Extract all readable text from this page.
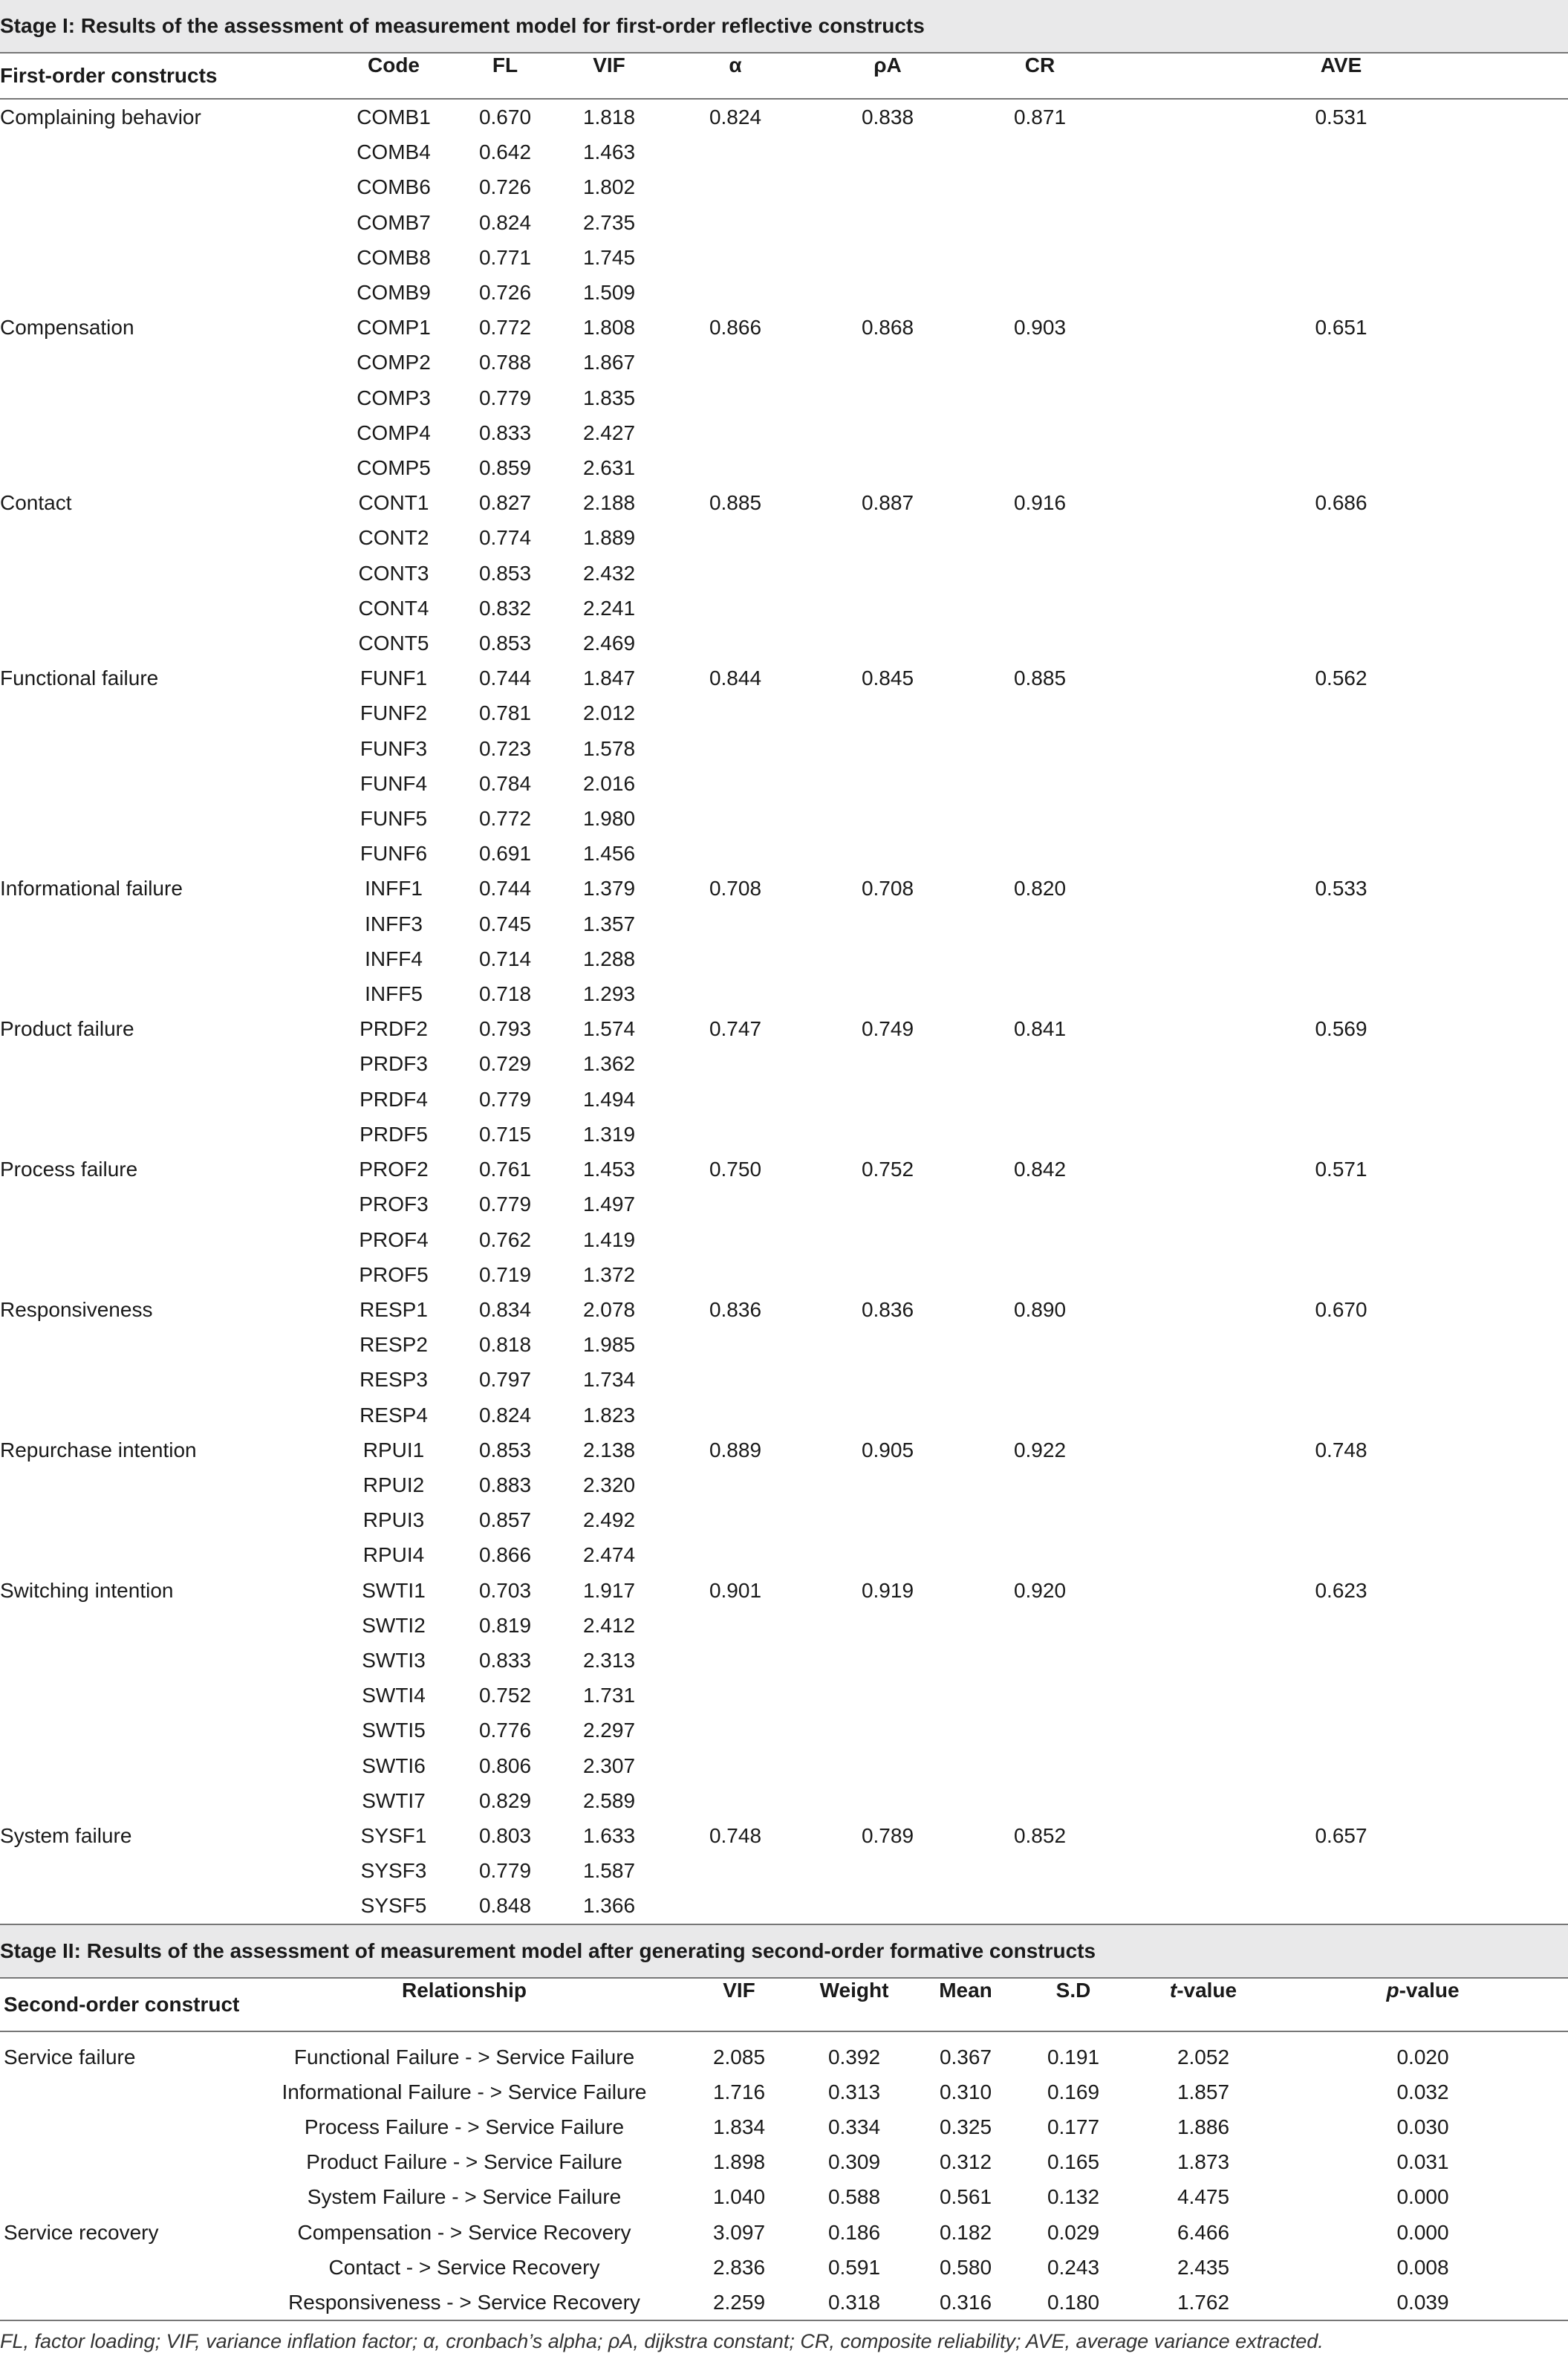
Stage I: Results of the assessment of measurement model for first-order reflective constructs							
First-order constructs	Code	FL	VIF	α	ρA	CR	AVE
Complaining behavior	COMB1	0.670	1.818	0.824	0.838	0.871	0.531
	COMB4	0.642	1.463				
	COMB6	0.726	1.802				
	COMB7	0.824	2.735				
	COMB8	0.771	1.745				
	COMB9	0.726	1.509				
Compensation	COMP1	0.772	1.808	0.866	0.868	0.903	0.651
	COMP2	0.788	1.867				
	COMP3	0.779	1.835				
	COMP4	0.833	2.427				
	COMP5	0.859	2.631				
Contact	CONT1	0.827	2.188	0.885	0.887	0.916	0.686
	CONT2	0.774	1.889				
	CONT3	0.853	2.432				
	CONT4	0.832	2.241				
	CONT5	0.853	2.469				
Functional failure	FUNF1	0.744	1.847	0.844	0.845	0.885	0.562
	FUNF2	0.781	2.012				
	FUNF3	0.723	1.578				
	FUNF4	0.784	2.016				
	FUNF5	0.772	1.980				
	FUNF6	0.691	1.456				
Informational failure	INFF1	0.744	1.379	0.708	0.708	0.820	0.533
	INFF3	0.745	1.357				
	INFF4	0.714	1.288				
	INFF5	0.718	1.293				
Product failure	PRDF2	0.793	1.574	0.747	0.749	0.841	0.569
	PRDF3	0.729	1.362				
	PRDF4	0.779	1.494				
	PRDF5	0.715	1.319				
Process failure	PROF2	0.761	1.453	0.750	0.752	0.842	0.571
	PROF3	0.779	1.497				
	PROF4	0.762	1.419				
	PROF5	0.719	1.372				
Responsiveness	RESP1	0.834	2.078	0.836	0.836	0.890	0.670
	RESP2	0.818	1.985				
	RESP3	0.797	1.734				
	RESP4	0.824	1.823				
Repurchase intention	RPUI1	0.853	2.138	0.889	0.905	0.922	0.748
	RPUI2	0.883	2.320				
	RPUI3	0.857	2.492				
	RPUI4	0.866	2.474				
Switching intention	SWTI1	0.703	1.917	0.901	0.919	0.920	0.623
	SWTI2	0.819	2.412				
	SWTI3	0.833	2.313				
	SWTI4	0.752	1.731				
	SWTI5	0.776	2.297				
	SWTI6	0.806	2.307				
	SWTI7	0.829	2.589				
System failure	SYSF1	0.803	1.633	0.748	0.789	0.852	0.657
	SYSF3	0.779	1.587				
	SYSF5	0.848	1.366				
Stage II: Results of the assessment of measurement model after generating second-order formative constructs							
Second-order construct	Relationship	VIF	Weight	Mean	S.D	t-value	p-value

Service failure	Functional Failure - > Service Failure	2.085	0.392	0.367	0.191	2.052	0.020
	Informational Failure - > Service Failure	1.716	0.313	0.310	0.169	1.857	0.032
	Process Failure - > Service Failure	1.834	0.334	0.325	0.177	1.886	0.030
	Product Failure - > Service Failure	1.898	0.309	0.312	0.165	1.873	0.031
	System Failure - > Service Failure	1.040	0.588	0.561	0.132	4.475	0.000
Service recovery	Compensation - > Service Recovery	3.097	0.186	0.182	0.029	6.466	0.000
	Contact - > Service Recovery	2.836	0.591	0.580	0.243	2.435	0.008
	Responsiveness - > Service Recovery	2.259	0.318	0.316	0.180	1.762	0.039
FL, factor loading; VIF, variance inflation factor; α, cronbach’s alpha; ρA, dijkstra constant; CR, composite reliability; AVE, average variance extracted.
